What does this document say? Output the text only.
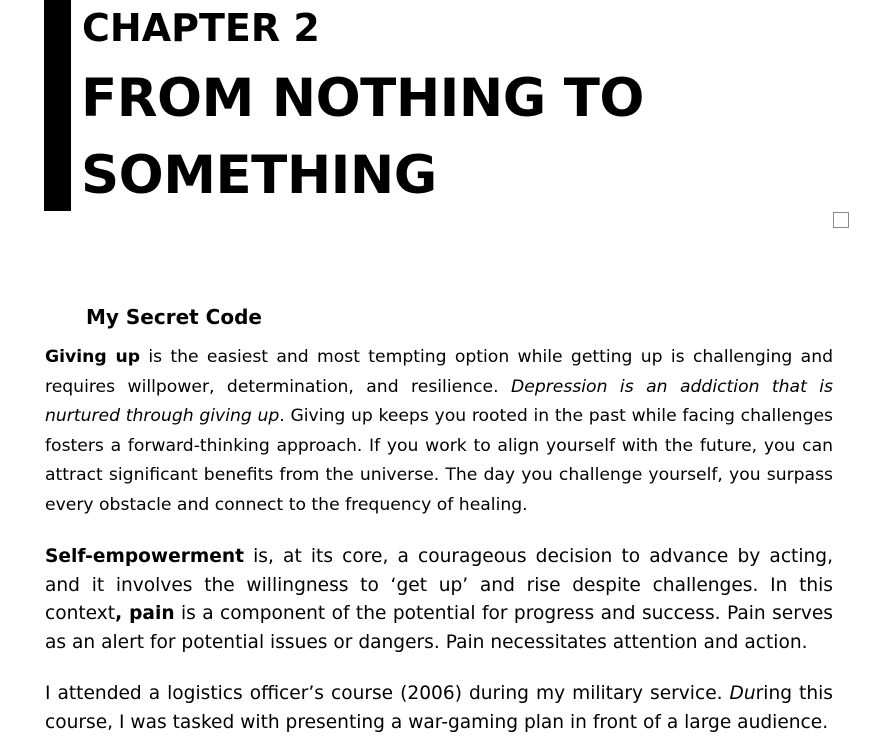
CHAPTER 2
FROM NOTHING TO SOMETHING
My Secret Code

Giving up is the easiest and most tempting option while getting up is challenging and requires willpower, determination, and resilience. Depression is an addiction that is nurtured through giving up. Giving up keeps you rooted in the past while facing challenges fosters a forward-thinking approach. If you work to align yourself with the future, you can attract significant benefits from the universe. The day you challenge yourself, you surpass every obstacle and connect to the frequency of healing.

Self-empowerment is, at its core, a courageous decision to advance by acting, and it involves the willingness to ‘get up’ and rise despite challenges. In this context, pain is a component of the potential for progress and success. Pain serves as an alert for potential issues or dangers. Pain necessitates attention and action.

I attended a logistics officer’s course (2006) during my military service. During this course, I was tasked with presenting a war-gaming plan in front of a large audience.
